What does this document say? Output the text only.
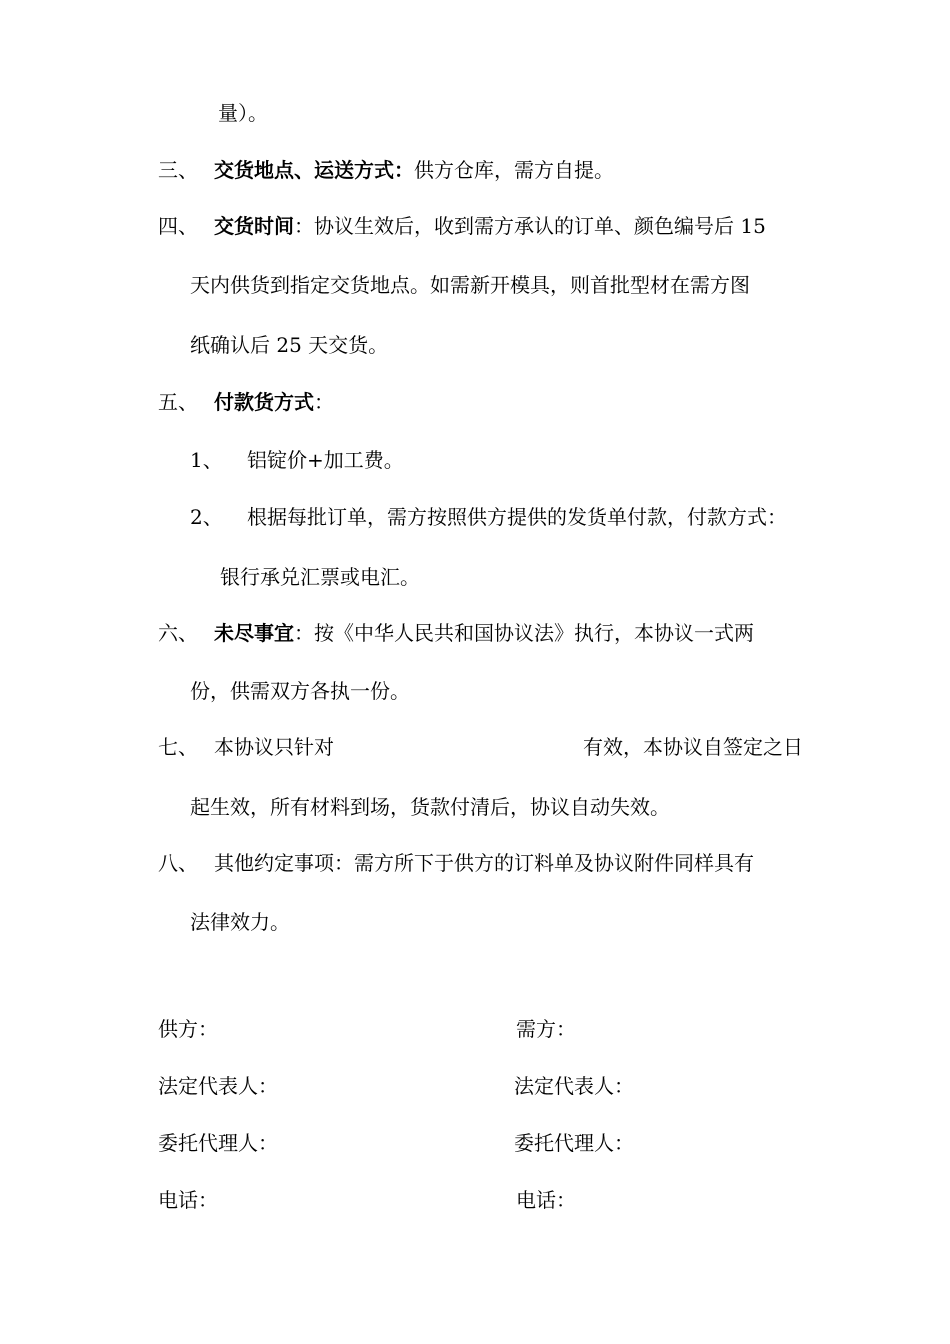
量）。
三、 交货地点、运送方式：供方仓库，需方自提。
四、 交货时间：协议生效后，收到需方承认的订单、颜色编号后 15
天内供货到指定交货地点。如需新开模具，则首批型材在需方图
纸确认后 25 天交货。
五、 付款货方式：
1、 铝锭价+加工费。
2、 根据每批订单，需方按照供方提供的发货单付款，付款方式：
银行承兑汇票或电汇。
六、 未尽事宜：按《中华人民共和国协议法》执行，本协议一式两
份，供需双方各执一份。
七、 本协议只针对	有效，本协议自签定之日
起生效，所有材料到场，货款付清后，协议自动失效。
八、 其他约定事项：需方所下于供方的订料单及协议附件同样具有
法律效力。
供方：	需方：
法定代表人：	法定代表人：
委托代理人：	委托代理人：
电话：	电话：
